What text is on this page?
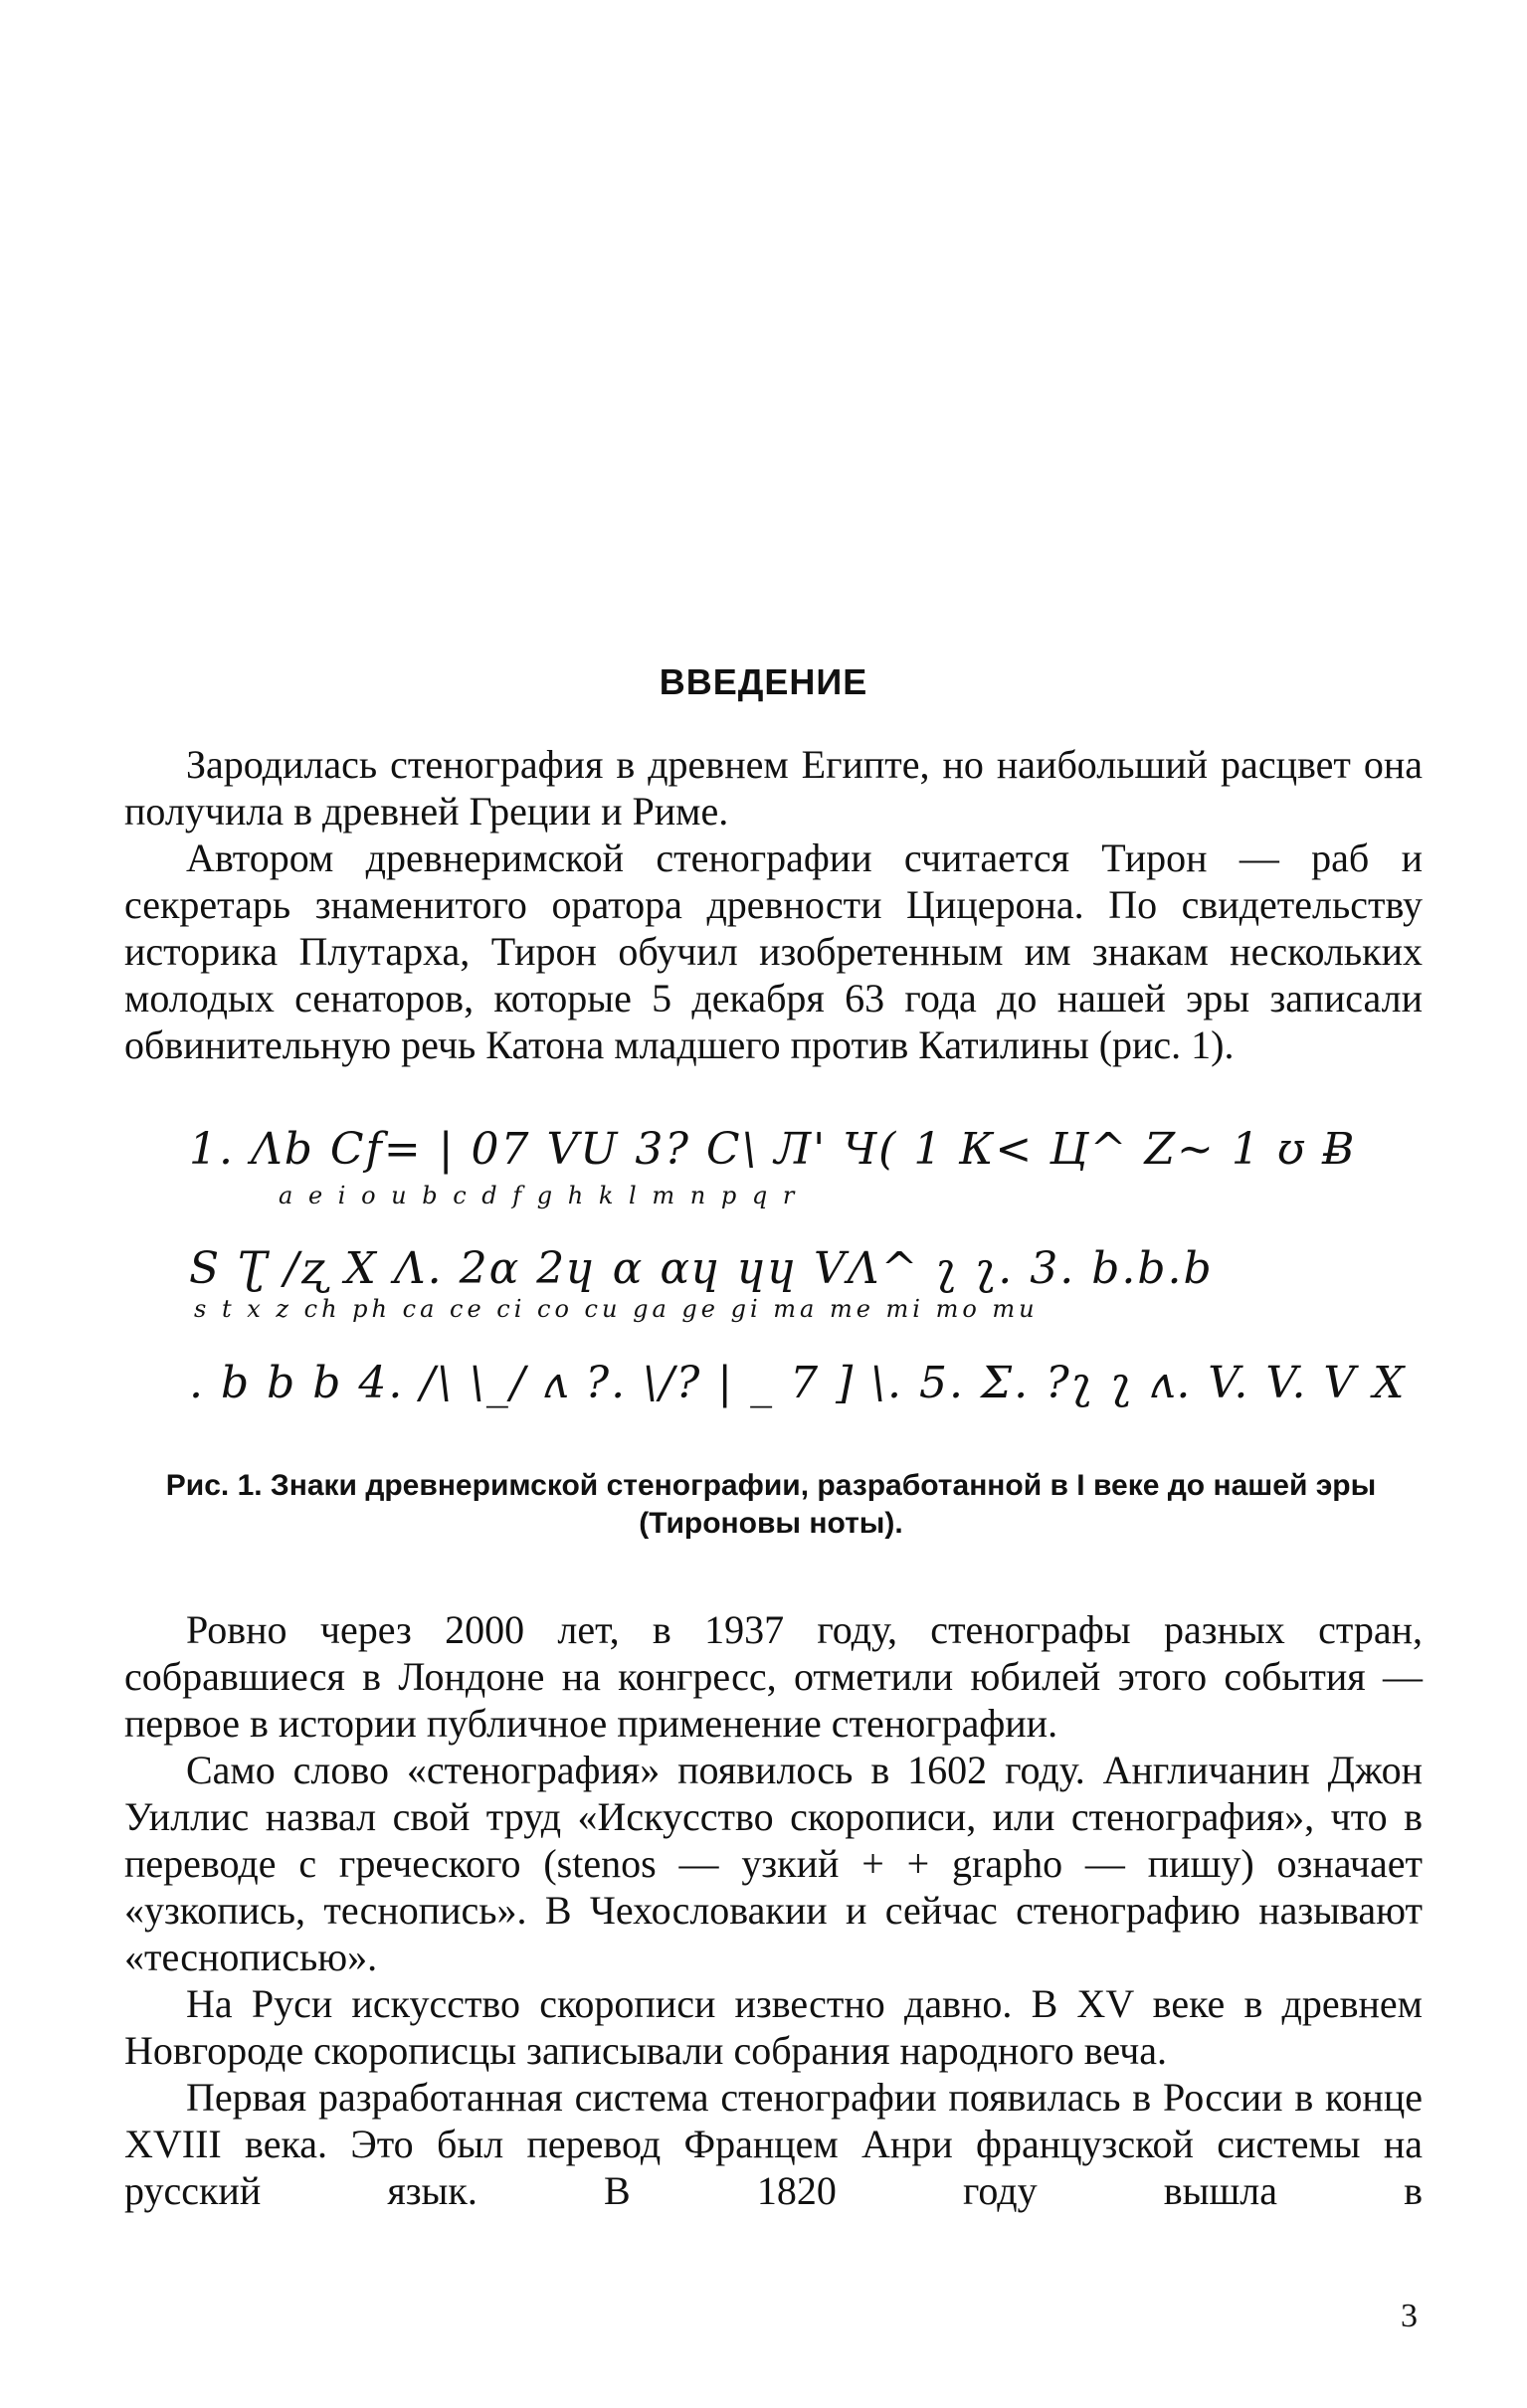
ВВЕДЕНИЕ

Зародилась стенография в древнем Египте, но наибольший расцвет она получила в древней Греции и Риме.

Автором древнеримской стенографии считается Тирон — раб и секретарь знаменитого оратора древности Цицерона. По свидетельству историка Плутарха, Тирон обучил изобретенным им знакам нескольких молодых сенаторов, которые 5 декабря 63 года до нашей эры записали обвинительную речь Катона младшего против Катилины (рис. 1).

1. Λb Cf= | 07 VU 3? C\ Л' Ч( 1 К< Ц^ Z~ 1 ʊ Ƀ
a e i o u b c d f g h k l m n p q r
S Ʈ /ʐ X Λ. 2ɑ 2ɥ ɑ ɑɥ ɥɥ VΛ^ ʅ ʅ. 3. b.b.b
s t x z ch ph ca ce ci co cu ga ge gi ma me mi mo mu
. b b b 4. /\ \_/ ʌ ?. \/? | _ 7 ] \. 5. Σ. ?ʅ ʅ ʌ. V. V. V X
Рис. 1. Знаки древнеримской стенографии, разработанной в I веке до нашей эры (Тироновы ноты).

Ровно через 2000 лет, в 1937 году, стенографы разных стран, собравшиеся в Лондоне на конгресс, отметили юбилей этого события — первое в истории публичное применение стенографии.

Само слово «стенография» появилось в 1602 году. Англичанин Джон Уиллис назвал свой труд «Искусство скорописи, или стенография», что в переводе с греческого (stenos — узкий + + grapho — пишу) означает «узкопись, теснопись». В Чехословакии и сейчас стенографию называют «теснописью».

На Руси искусство скорописи известно давно. В XV веке в древнем Новгороде скорописцы записывали собрания народного веча.

Первая разработанная система стенографии появилась в России в конце XVIII века. Это был перевод Францем Анри французской системы на русский язык. В 1820 году вышла в

3
